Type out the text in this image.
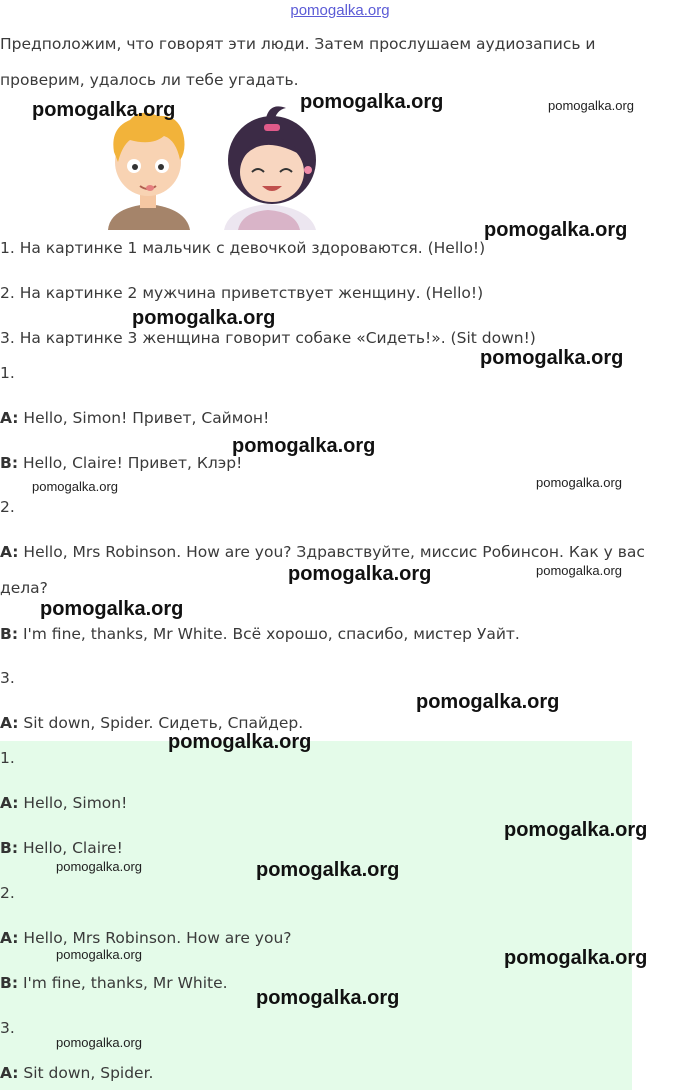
pomogalka.org
Предположим, что говорят эти люди. Затем прослушаем аудиозапись и
проверим, удалось ли тебе угадать.
1. На картинке 1 мальчик с девочкой здороваются. (Hello!)
2. На картинке 2 мужчина приветствует женщину. (Hello!)
3. На картинке 3 женщина говорит собаке «Сидеть!». (Sit down!)
1.
A: Hello, Simon! Привет, Саймон!
B: Hello, Claire! Привет, Клэр!
2.
A: Hello, Mrs Robinson. How are you? Здравствуйте, миссис Робинсон. Как у вас
дела?
B: I'm fine, thanks, Mr White. Всё хорошо, спасибо, мистер Уайт.
3.
A: Sit down, Spider. Сидеть, Спайдер.
1.
A: Hello, Simon!
B: Hello, Claire!
2.
A: Hello, Mrs Robinson. How are you?
B: I'm fine, thanks, Mr White.
3.
A: Sit down, Spider.
pomogalka.org	pomogalka.org	pomogalka.org
pomogalka.org
pomogalka.org
pomogalka.org
pomogalka.org
pomogalka.org	pomogalka.org
pomogalka.org	pomogalka.org
pomogalka.org
pomogalka.org
pomogalka.org
pomogalka.org
pomogalka.org	pomogalka.org
pomogalka.org	pomogalka.org
pomogalka.org
pomogalka.org
